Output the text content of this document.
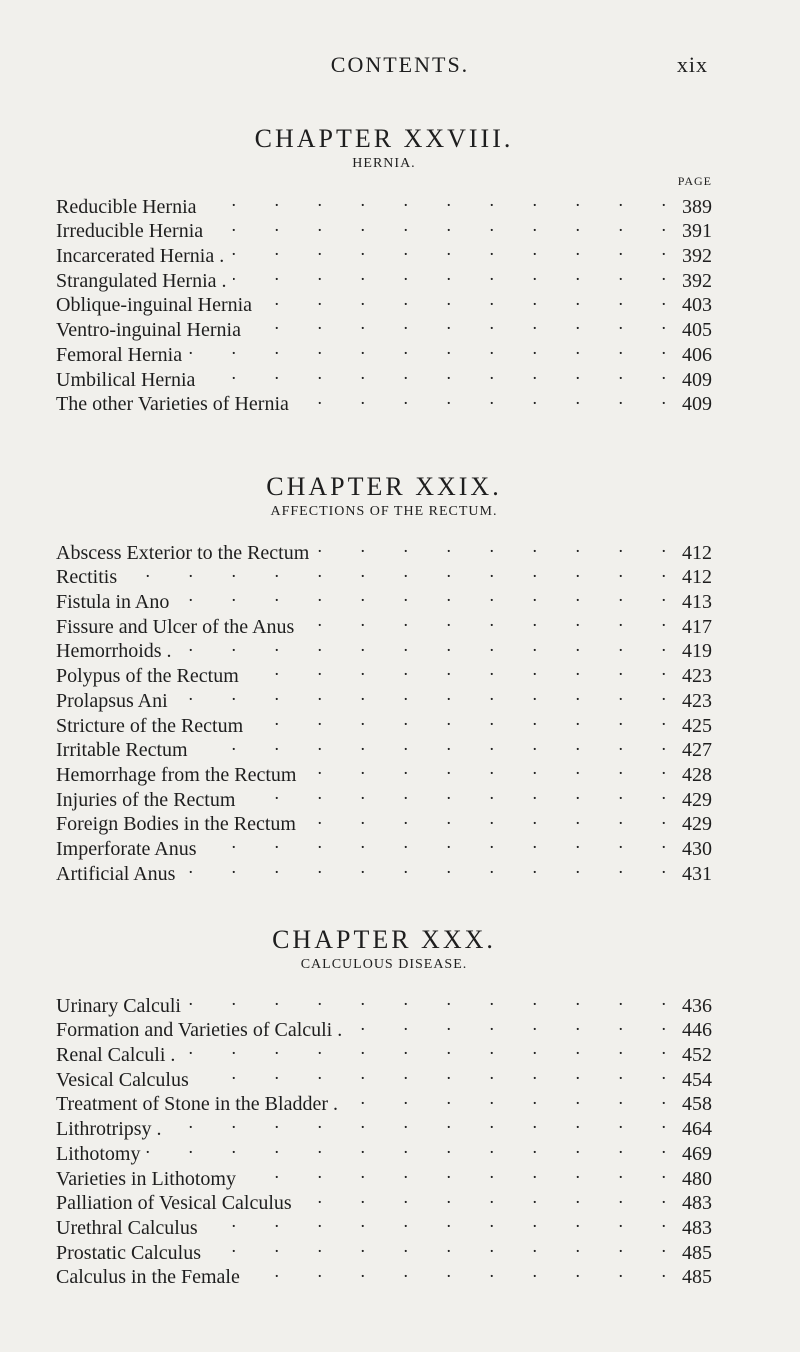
CONTENTS.	xix
CHAPTER XXVIII.
HERNIA.
PAGE
Reducible Hernia . . .	389
Irreducible Hernia . . .	391
Incarcerated Hernia . . . .	392
Strangulated Hernia . . . .	392
Oblique-inguinal Hernia . . .	403
Ventro-inguinal Hernia . . .	405
Femoral Hernia . . .	406
Umbilical Hernia . . .	409
The other Varieties of Hernia . . .	409
CHAPTER XXIX.
AFFECTIONS OF THE RECTUM.
Abscess Exterior to the Rectum . . .	412
Rectitis . . .	412
Fistula in Ano . . .	413
Fissure and Ulcer of the Anus . . .	417
Hemorrhoids . . . .	419
Polypus of the Rectum . . .	423
Prolapsus Ani . . .	423
Stricture of the Rectum . . .	425
Irritable Rectum . . .	427
Hemorrhage from the Rectum . . .	428
Injuries of the Rectum . . .	429
Foreign Bodies in the Rectum . . .	429
Imperforate Anus . . .	430
Artificial Anus . . .	431
CHAPTER XXX.
CALCULOUS DISEASE.
Urinary Calculi . . .	436
Formation and Varieties of Calculi . . . .	446
Renal Calculi . . . .	452
Vesical Calculus . . .	454
Treatment of Stone in the Bladder . . . .	458
Lithrotripsy . . . .	464
Lithotomy . . .	469
Varieties in Lithotomy . . .	480
Palliation of Vesical Calculus . . .	483
Urethral Calculus . . .	483
Prostatic Calculus . . .	485
Calculus in the Female . . .	485
